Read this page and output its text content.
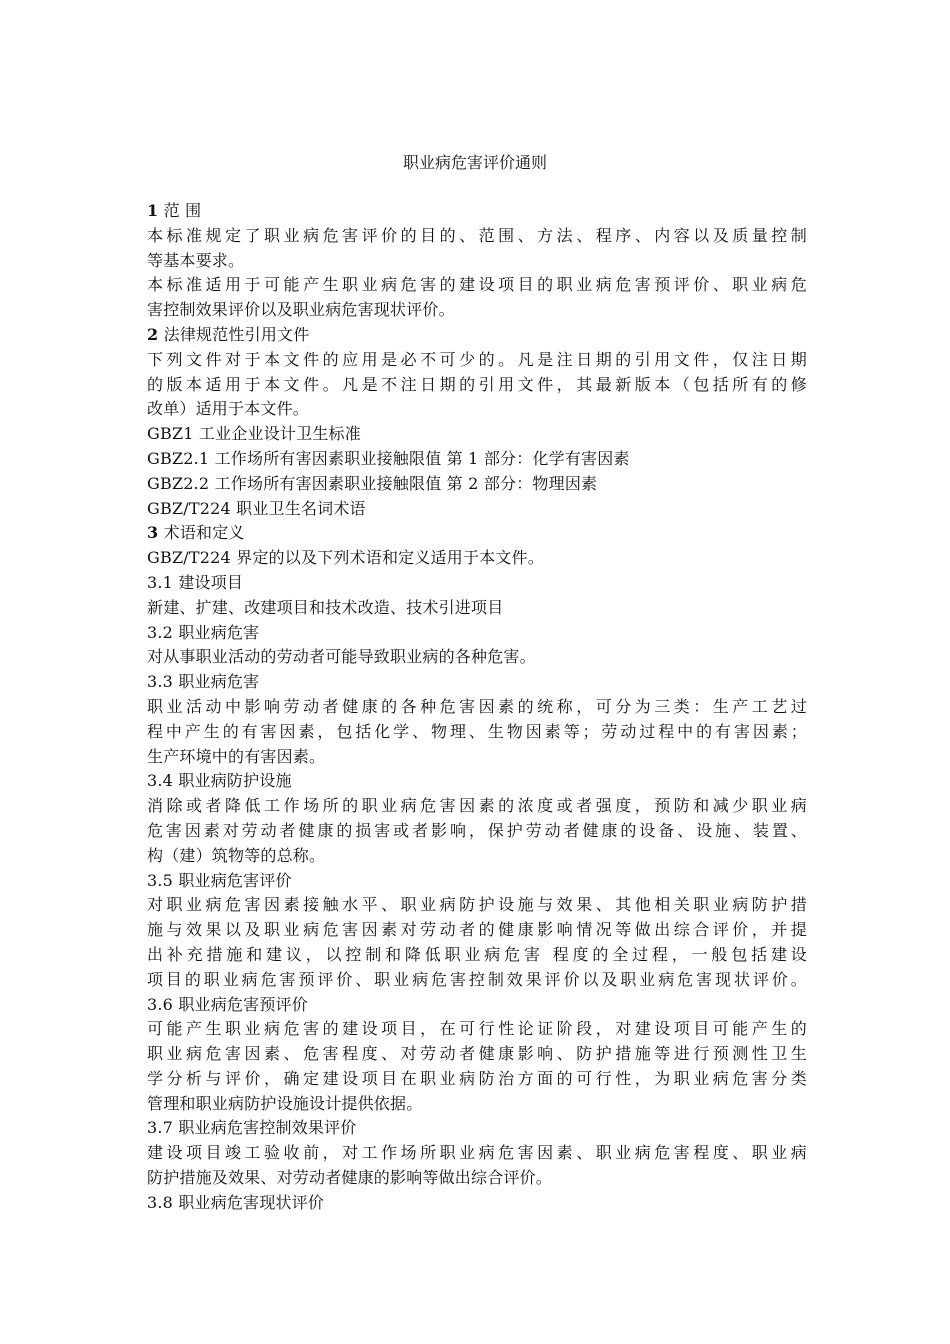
职业病危害评价通则
1 范 围
本标准规定了职业病危害评价的目的、范围、方法、程序、内容以及质量控制
等基本要求。
本标准适用于可能产生职业病危害的建设项目的职业病危害预评价、职业病危
害控制效果评价以及职业病危害现状评价。
2 法律规范性引用文件
下列文件对于本文件的应用是必不可少的。凡是注日期的引用文件，仅注日期
的版本适用于本文件。凡是不注日期的引用文件，其最新版本（包括所有的修
改单）适用于本文件。
GBZ1 工业企业设计卫生标准
GBZ2.1 工作场所有害因素职业接触限值 第 1 部分：化学有害因素
GBZ2.2 工作场所有害因素职业接触限值 第 2 部分：物理因素
GBZ/T224 职业卫生名词术语
3 术语和定义
GBZ/T224 界定的以及下列术语和定义适用于本文件。
3.1 建设项目
新建、扩建、改建项目和技术改造、技术引进项目
3.2 职业病危害
对从事职业活动的劳动者可能导致职业病的各种危害。
3.3 职业病危害
职业活动中影响劳动者健康的各种危害因素的统称，可分为三类：生产工艺过
程中产生的有害因素，包括化学、物理、生物因素等；劳动过程中的有害因素；
生产环境中的有害因素。
3.4 职业病防护设施
消除或者降低工作场所的职业病危害因素的浓度或者强度，预防和减少职业病
危害因素对劳动者健康的损害或者影响，保护劳动者健康的设备、设施、装置、
构（建）筑物等的总称。
3.5 职业病危害评价
对职业病危害因素接触水平、职业病防护设施与效果、其他相关职业病防护措
施与效果以及职业病危害因素对劳动者的健康影响情况等做出综合评价，并提
出补充措施和建议，以控制和降低职业病危害 程度的全过程，一般包括建设
项目的职业病危害预评价、职业病危害控制效果评价以及职业病危害现状评价。
3.6 职业病危害预评价
可能产生职业病危害的建设项目，在可行性论证阶段，对建设项目可能产生的
职业病危害因素、危害程度、对劳动者健康影响、防护措施等进行预测性卫生
学分析与评价，确定建设项目在职业病防治方面的可行性，为职业病危害分类
管理和职业病防护设施设计提供依据。
3.7 职业病危害控制效果评价
建设项目竣工验收前，对工作场所职业病危害因素、职业病危害程度、职业病
防护措施及效果、对劳动者健康的影响等做出综合评价。
3.8 职业病危害现状评价
